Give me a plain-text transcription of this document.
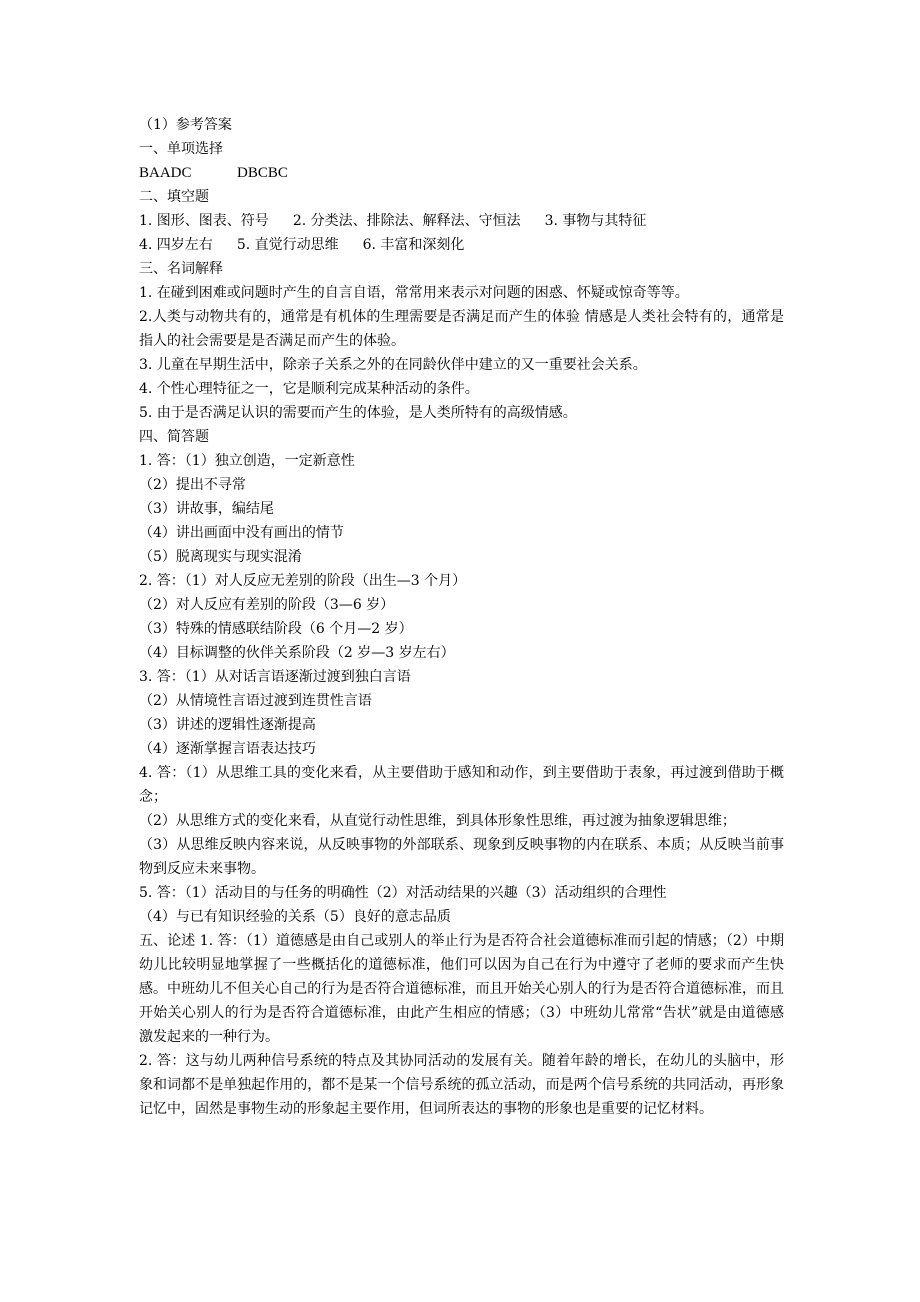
（1）参考答案
一、单项选择
BAADC	DBCBC
二、填空题
1. 图形、图表、符号 2. 分类法、排除法、解释法、守恒法 3. 事物与其特征
4. 四岁左右 5. 直觉行动思维 6. 丰富和深刻化
三、名词解释
1. 在碰到困难或问题时产生的自言自语，常常用来表示对问题的困惑、怀疑或惊奇等等。
2.人类与动物共有的，通常是有机体的生理需要是否满足而产生的体验 情感是人类社会特有的，通常是指人的社会需要是是否满足而产生的体验。
3. 儿童在早期生活中，除亲子关系之外的在同龄伙伴中建立的又一重要社会关系。
4. 个性心理特征之一，它是顺利完成某种活动的条件。
5. 由于是否满足认识的需要而产生的体验，是人类所特有的高级情感。
四、简答题
1. 答：（1）独立创造，一定新意性
（2）提出不寻常
（3）讲故事，编结尾
（4）讲出画面中没有画出的情节
（5）脱离现实与现实混淆
2. 答：（1）对人反应无差别的阶段（出生—3 个月）
（2）对人反应有差别的阶段（3—6 岁）
（3）特殊的情感联结阶段（6 个月—2 岁）
（4）目标调整的伙伴关系阶段（2 岁—3 岁左右）
3. 答：（1）从对话言语逐渐过渡到独白言语
（2）从情境性言语过渡到连贯性言语
（3）讲述的逻辑性逐渐提高
（4）逐渐掌握言语表达技巧
4. 答：（1）从思维工具的变化来看，从主要借助于感知和动作，到主要借助于表象，再过渡到借助于概念；
（2）从思维方式的变化来看，从直觉行动性思维，到具体形象性思维，再过渡为抽象逻辑思维；
（3）从思维反映内容来说，从反映事物的外部联系、现象到反映事物的内在联系、本质；从反映当前事物到反应未来事物。
5. 答：（1）活动目的与任务的明确性（2）对活动结果的兴趣（3）活动组织的合理性
（4）与已有知识经验的关系（5）良好的意志品质
五、论述 1. 答：（1）道德感是由自己或别人的举止行为是否符合社会道德标准而引起的情感；（2）中期幼儿比较明显地掌握了一些概括化的道德标准，他们可以因为自己在行为中遵守了老师的要求而产生快感。中班幼儿不但关心自己的行为是否符合道德标准，而且开始关心别人的行为是否符合道德标准，而且开始关心别人的行为是否符合道德标准，由此产生相应的情感；（3）中班幼儿常常“告状”就是由道德感激发起来的一种行为。
2. 答：这与幼儿两种信号系统的特点及其协同活动的发展有关。随着年龄的增长，在幼儿的头脑中，形象和词都不是单独起作用的，都不是某一个信号系统的孤立活动，而是两个信号系统的共同活动，再形象记忆中，固然是事物生动的形象起主要作用，但词所表达的事物的形象也是重要的记忆材料。
